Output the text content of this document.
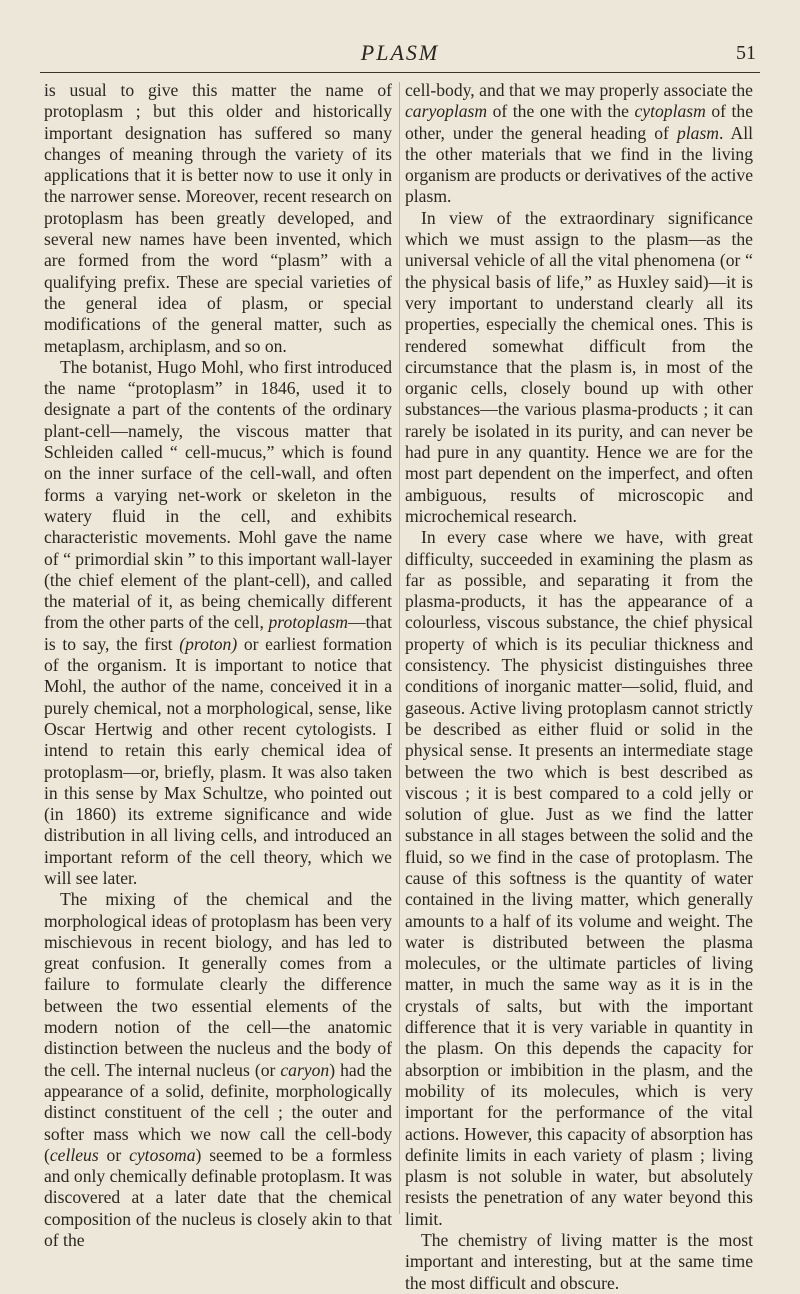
PLASM	51

is usual to give this matter the name of protoplasm ; but this older and historically important designation has suffered so many changes of meaning through the variety of its applications that it is better now to use it only in the narrower sense. Moreover, recent research on protoplasm has been greatly developed, and several new names have been invented, which are formed from the word “plasm” with a qualifying prefix. These are special varieties of the general idea of plasm, or special modifications of the general matter, such as metaplasm, archiplasm, and so on.

The botanist, Hugo Mohl, who first introduced the name “protoplasm” in 1846, used it to designate a part of the contents of the ordinary plant-cell—namely, the viscous matter that Schleiden called “ cell-mucus,” which is found on the inner surface of the cell-wall, and often forms a varying net-work or skeleton in the watery fluid in the cell, and exhibits characteristic movements. Mohl gave the name of “ primordial skin ” to this important wall-layer (the chief element of the plant-cell), and called the material of it, as being chemically different from the other parts of the cell, protoplasm—that is to say, the first (proton) or earliest formation of the organism. It is important to notice that Mohl, the author of the name, conceived it in a purely chemical, not a morphological, sense, like Oscar Hertwig and other recent cytologists. I intend to retain this early chemical idea of protoplasm—or, briefly, plasm. It was also taken in this sense by Max Schultze, who pointed out (in 1860) its extreme significance and wide distribution in all living cells, and introduced an important reform of the cell theory, which we will see later.

The mixing of the chemical and the morphological ideas of protoplasm has been very mischievous in recent biology, and has led to great confusion. It generally comes from a failure to formulate clearly the difference between the two essential elements of the modern notion of the cell—the anatomic distinction between the nucleus and the body of the cell. The internal nucleus (or caryon) had the appearance of a solid, definite, morphologically distinct constituent of the cell ; the outer and softer mass which we now call the cell-body (celleus or cytosoma) seemed to be a formless and only chemically definable protoplasm. It was discovered at a later date that the chemical composition of the nucleus is closely akin to that of the

cell-body, and that we may properly associate the caryoplasm of the one with the cytoplasm of the other, under the general heading of plasm. All the other materials that we find in the living organism are products or derivatives of the active plasm.

In view of the extraordinary significance which we must assign to the plasm—as the universal vehicle of all the vital phenomena (or “ the physical basis of life,” as Huxley said)—it is very important to understand clearly all its properties, especially the chemical ones. This is rendered somewhat difficult from the circumstance that the plasm is, in most of the organic cells, closely bound up with other substances—the various plasma-products ; it can rarely be isolated in its purity, and can never be had pure in any quantity. Hence we are for the most part dependent on the imperfect, and often ambiguous, results of microscopic and microchemical research.

In every case where we have, with great difficulty, succeeded in examining the plasm as far as possible, and separating it from the plasma-products, it has the appearance of a colourless, viscous substance, the chief physical property of which is its peculiar thickness and consistency. The physicist distinguishes three conditions of inorganic matter—solid, fluid, and gaseous. Active living protoplasm cannot strictly be described as either fluid or solid in the physical sense. It presents an intermediate stage between the two which is best described as viscous ; it is best compared to a cold jelly or solution of glue. Just as we find the latter substance in all stages between the solid and the fluid, so we find in the case of protoplasm. The cause of this softness is the quantity of water contained in the living matter, which generally amounts to a half of its volume and weight. The water is distributed between the plasma molecules, or the ultimate particles of living matter, in much the same way as it is in the crystals of salts, but with the important difference that it is very variable in quantity in the plasm. On this depends the capacity for absorption or imbibition in the plasm, and the mobility of its molecules, which is very important for the performance of the vital actions. However, this capacity of absorption has definite limits in each variety of plasm ; living plasm is not soluble in water, but absolutely resists the penetration of any water beyond this limit.

The chemistry of living matter is the most important and interesting, but at the same time the most difficult and obscure.
